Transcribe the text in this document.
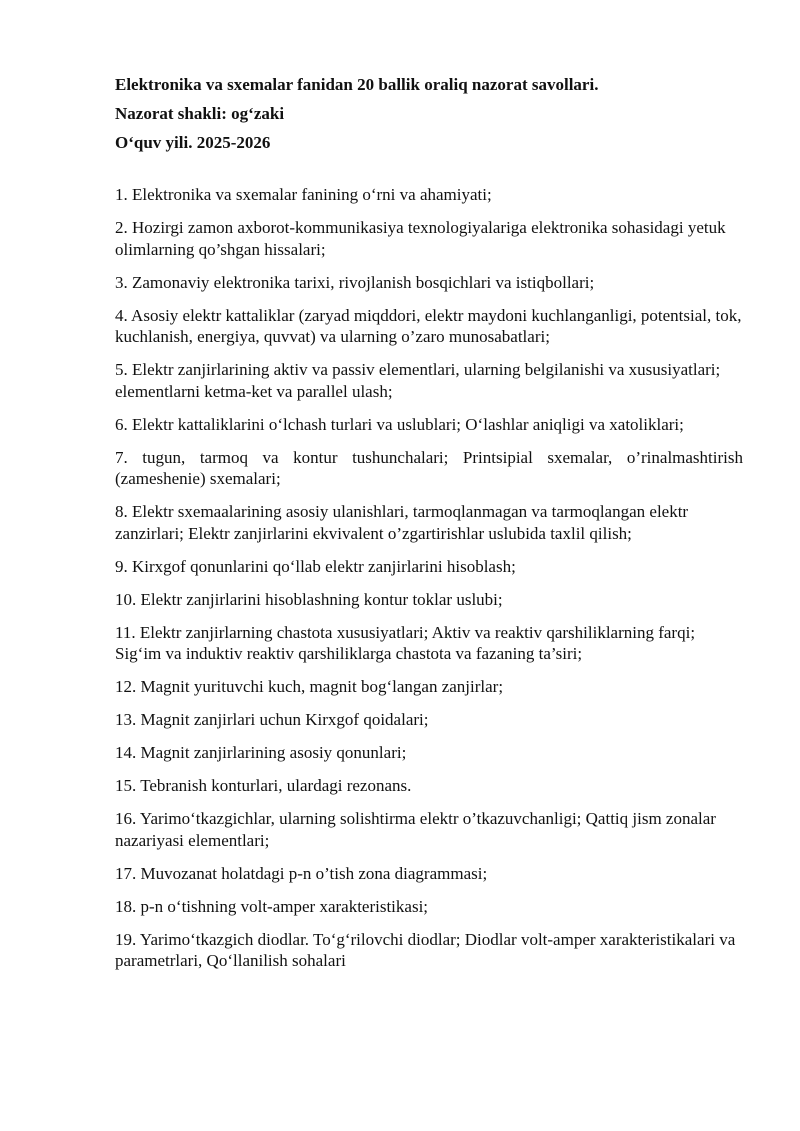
Elektronika va sxemalar fanidan 20 ballik oraliq nazorat savollari.
Nazorat shakli: og‘zaki
O‘quv yili. 2025-2026
1. Elektronika va sxemalar fanining o‘rni va ahamiyati;
2. Hozirgi zamon axborot-kommunikasiya texnologiyalariga elektronika sohasidagi yetuk olimlarning qo’shgan hissalari;
3. Zamonaviy elektronika tarixi, rivojlanish bosqichlari va istiqbollari;
4. Asosiy elektr kattaliklar (zaryad miqddori, elektr maydoni kuchlanganligi, potentsial, tok, kuchlanish, energiya, quvvat) va ularning o’zaro munosabatlari;
5. Elektr zanjirlarining aktiv va passiv elementlari, ularning belgilanishi va xususiyatlari; elementlarni ketma-ket va parallel ulash;
6. Elektr kattaliklarini o‘lchash turlari va uslublari; O‘lashlar aniqligi va xatoliklari;
7. tugun, tarmoq va kontur tushunchalari; Printsipial sxemalar, o’rinalmashtirish (zameshenie) sxemalari;
8. Elektr sxemaalarining asosiy ulanishlari, tarmoqlanmagan va tarmoqlangan elektr zanzirlari; Elektr zanjirlarini ekvivalent o’zgartirishlar uslubida taxlil qilish;
9. Kirxgof qonunlarini qo‘llab elektr zanjirlarini hisoblash;
10. Elektr zanjirlarini hisoblashning kontur toklar uslubi;
11. Elektr zanjirlarning chastota xususiyatlari; Aktiv va reaktiv qarshiliklarning farqi; Sig‘im va induktiv reaktiv qarshiliklarga chastota va fazaning ta’siri;
12. Magnit yurituvchi kuch, magnit bog‘langan zanjirlar;
13. Magnit zanjirlari uchun Kirxgof qoidalari;
14. Magnit zanjirlarining asosiy qonunlari;
15. Tebranish konturlari, ulardagi rezonans.
16. Yarimo‘tkazgichlar, ularning solishtirma elektr o’tkazuvchanligi; Qattiq jism zonalar nazariyasi elementlari;
17. Muvozanat holatdagi p-n o’tish zona diagrammasi;
18. p-n o‘tishning volt-amper xarakteristikasi;
19. Yarimo‘tkazgich diodlar. To‘g‘rilovchi diodlar; Diodlar volt-amper xarakteristikalari va parametrlari, Qo‘llanilish sohalari
